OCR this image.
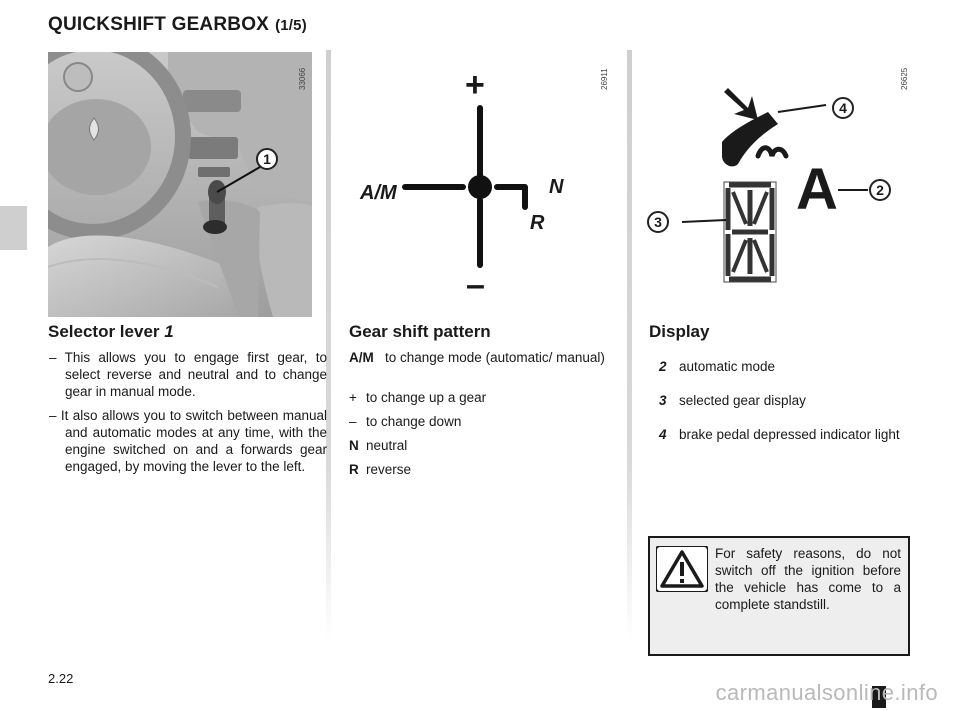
QUICKSHIFT GEARBOX (1/5)
1
33066
Selector lever 1
– This allows you to engage first gear, to select reverse and neutral and to change gear in manual mode.
– It also allows you to switch between manual and automatic modes at any time, with the engine switched on and a forwards gear engaged, by moving the lever to the left.
+
–
A/M	N
R
26911
Gear shift pattern
A/M to change mode (automatic/ manual)
+ to change up a gear
– to change down
N neutral
R reverse
A
4
2
3
26625
Display
2 automatic mode
3 selected gear display
4 brake pedal depressed indicator light
For safety reasons, do not switch off the ignition before the vehicle has come to a complete standstill.
2.22
carmanualsonline.info
